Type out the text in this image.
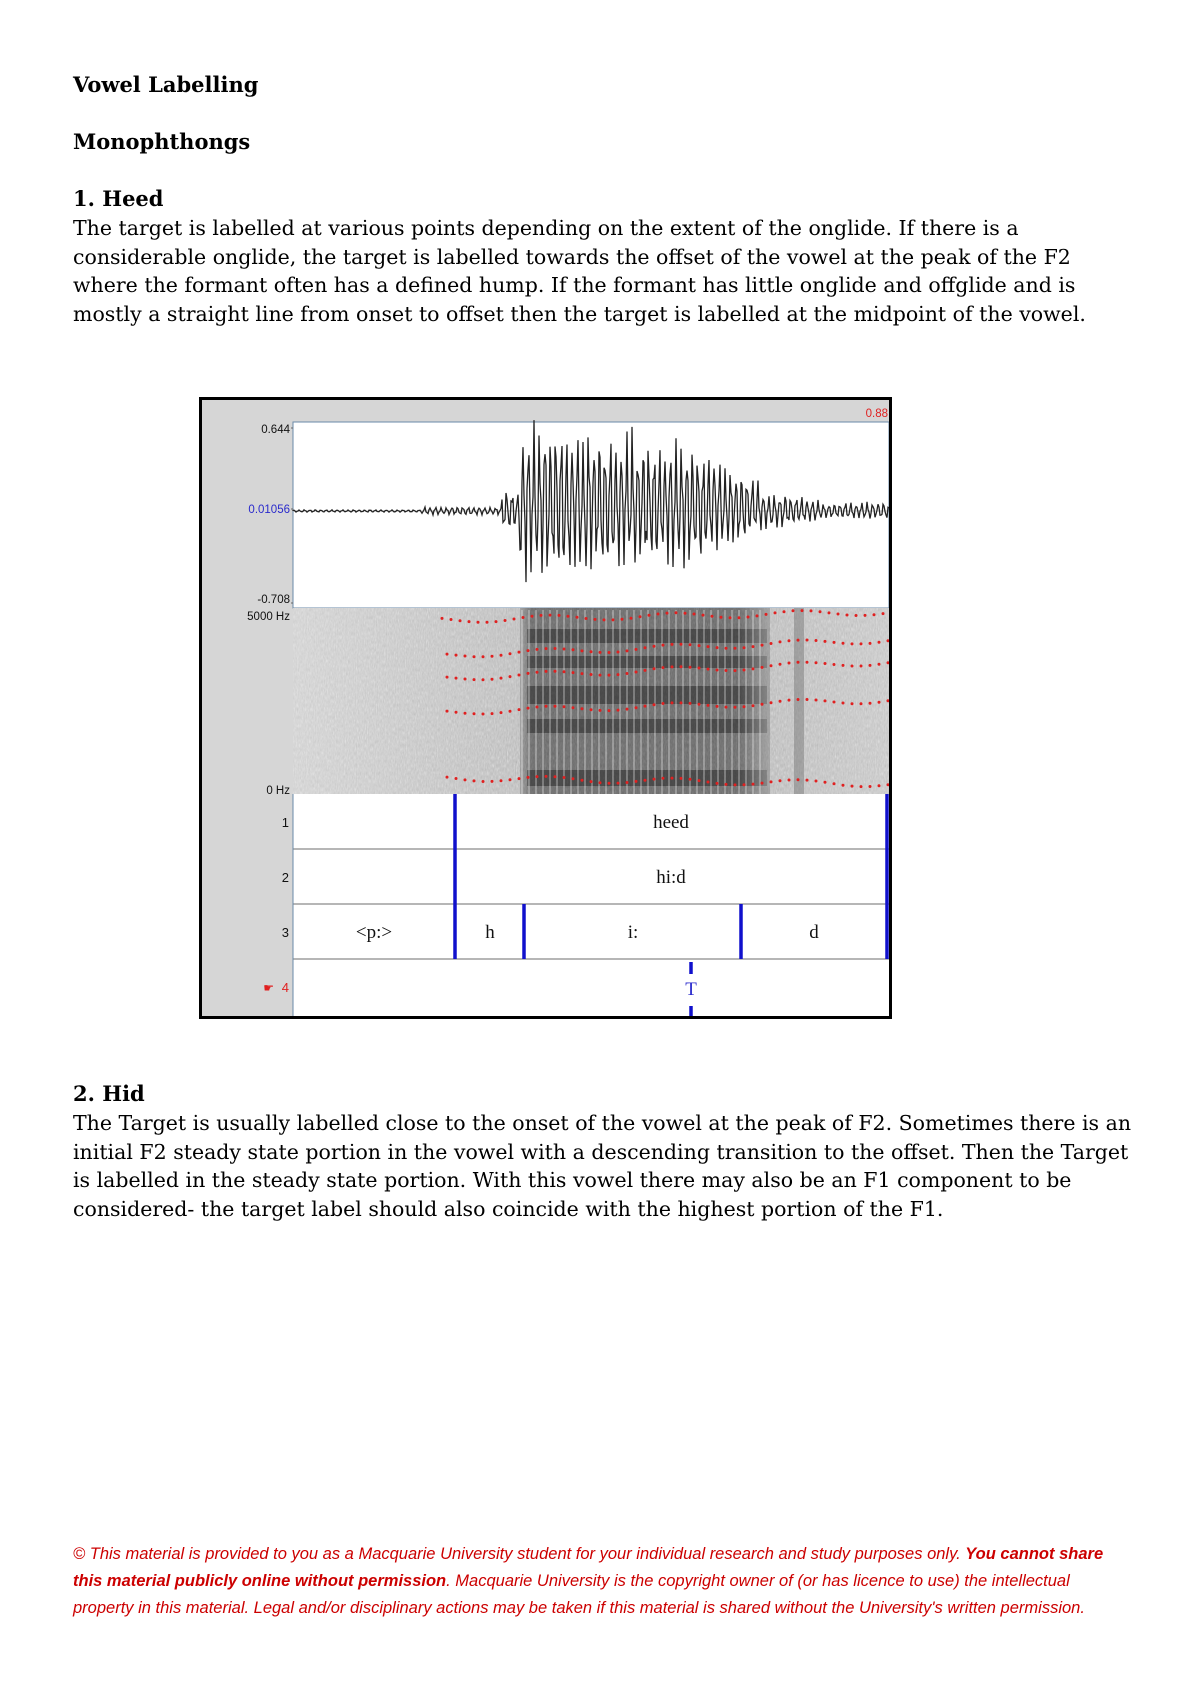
Vowel Labelling
Monophthongs
1. Heed

The target is labelled at various points depending on the extent of the onglide. If there is a considerable onglide, the target is labelled towards the offset of the vowel at the peak of the F2 where the formant often has a defined hump. If the formant has little onglide and offglide and is mostly a straight line from onset to offset then the target is labelled at the midpoint of the vowel.

0.644
0.01056
-0.708
0.88
5000 Hz
0 Hz
1
2
3
☛ 4
heed
hi:d
<p:>	h	i:	d
T
2. Hid

The Target is usually labelled close to the onset of the vowel at the peak of F2. Sometimes there is an initial F2 steady state portion in the vowel with a descending transition to the offset. Then the Target is labelled in the steady state portion. With this vowel there may also be an F1 component to be considered- the target label should also coincide with the highest portion of the F1.

© This material is provided to you as a Macquarie University student for your individual research and study purposes only. You cannot share this material publicly online without permission. Macquarie University is the copyright owner of (or has licence to use) the intellectual property in this material. Legal and/or disciplinary actions may be taken if this material is shared without the University's written permission.
